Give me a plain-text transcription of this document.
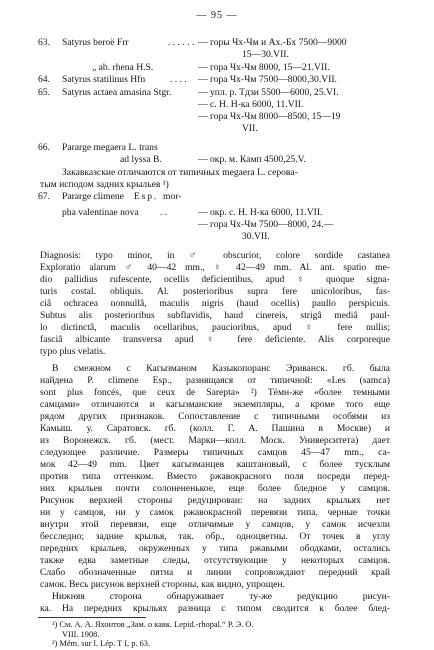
— 95 —
63. Satyrus beroë Frr	. . . . . . — горы Чх-Чм и Ах.-Бх 7500—9000
15—30.VII.
„ ab. rhena H.S.	— гора Чх-Чм 8000, 15—21.VII.
64. Satyrus statilinus Hfn	. . . . — гора Чх-Чм 7500—8000,30.VII.
65. Satyrus actaea amasina Stgr.	— упл. р. Тдзи 5500—6000, 25.VI.
— с. Н. Н-ка 6000, 11.VII.
— гора Чх-Чм 8000—8500, 15—19
VII.
66. Pararge megaera L. trans
ad lyssa B.	— окр. м. Камп 4500,25.V.
Закавказские отличаются от типичных megaera L. серова-
тым исподом задних крыльев ¹)
67. Pararge climene Esp. mor-
pha valentinae nova . .	— окр. с. Н. Н-ка 6000, 11.VII.
— гора Чх-Чм 7500—8000, 24.—
30.VII.
Diagnosis: typo minor, in ♂ obscurior, colore sordide castanea
Exploratio alarum ♂ 40—42 mm., ♀ 42—49 mm. Al. ant. spatio me-
dio pallidius rufescente, ocellis deficientibus, apud ♀ quoque signa-
turis costal. obliquis. Al. posterioribus supra fere unicoloribus, fas-
ciâ ochracea nonnullâ, maculis nigris (haud ocellis) paullo perspicuis.
Subtus alis posterioribus subflavidis, haud cinereis, strigâ mediâ paul-
lo dictinctâ, maculis ocellaribus, paucioribus, apud ♀ fere nullis;
fasciâ albicante transversa apud ♀ fere deficiente. Alis corporeque
typo plus velatis.
В смежном с Кагызманом Казыкопоранс Эриванск. гб. была
найдена P. climene Esp., разнящаяся от типичной: «Les (samca)
sont plus foncés, que ceux de Sarepta» ²) Тёмн-же «более темными
самцами» отличаются и кагызманские экземпляры, а кроме того еще
рядом других признаков. Сопоставление с типичными особями из
Камыш. у. Саратовск. гб. (колл. Г. А. Пашина в Москве) и
из Воронежск. гб. (мест. Марки—колл. Моск. Университета) дает
следующее различие. Размеры типичных самцов 45—47 mm., са-
мок 42—49 mm. Цвет кагызманцев каштановый, с более тусклым
против типа оттенком. Вместо ржавокрасного поля посреди перед-
них крыльев почти солонененькое, еще более бледное у самцов.
Рисунок верхней стороны редуцирован: на задних крыльях нет
ни у самцов, ни у самок ржавокрасной перевязи типа, черные точки
внутри этой перевязи, еще отличимые у самцов, у самок исчезли
бесследно; задние крылья, так. обр., одноцветны. От точек в углу
передних крыльев, окруженных у типа ржавыми ободками, остались
также едва заметные следы, отсутствующие у некоторых самцов.
Слабо обозначенные пятна и линии сопровождают передний край
самок. Весь рисунок верхней стороны, как видно, упрощен.
Нижняя сторона обнаруживает ту-же редукцию рисун-
ка. На передних крыльях разница с типом сводится к более блед-
¹) См. А. А. Яхонтов „Зам. о кавк. Lepid.-rhopal.“ Р. Э. О.
VIII. 1908.
²) Mém. sur l. Lép. T I, p. 63.
